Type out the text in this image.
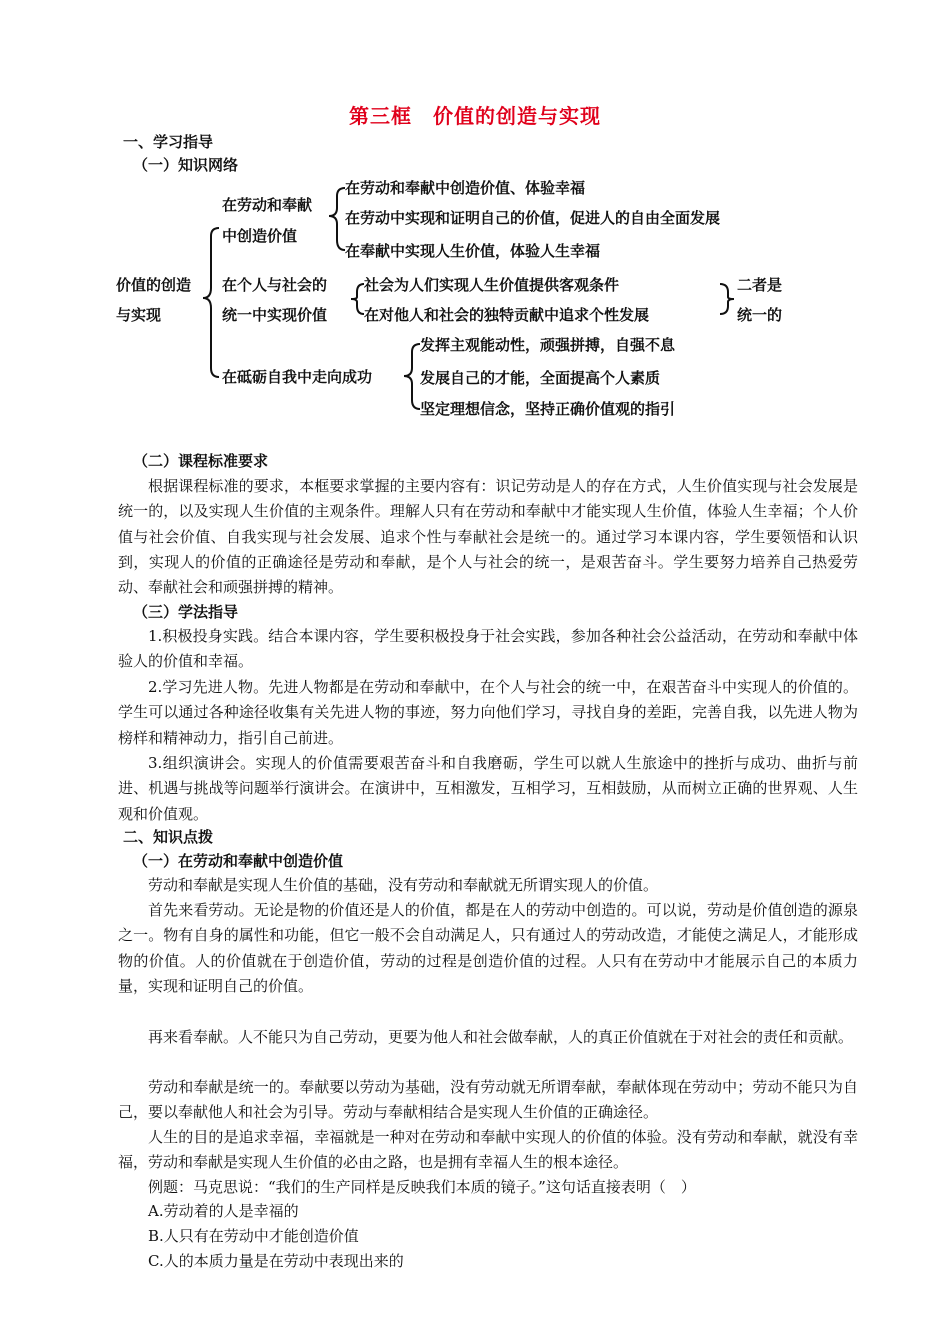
第三框　价值的创造与实现
一、学习指导
（一）知识网络
价值的创造
与实现
在劳动和奉献
中创造价值
在劳动和奉献中创造价值、体验幸福
在劳动中实现和证明自己的价值，促进人的自由全面发展
在奉献中实现人生价值，体验人生幸福
在个人与社会的
统一中实现价值
社会为人们实现人生价值提供客观条件
在对他人和社会的独特贡献中追求个性发展
二者是
统一的
在砥砺自我中走向成功
发挥主观能动性，顽强拼搏，自强不息
发展自己的才能，全面提高个人素质
坚定理想信念，坚持正确价值观的指引
（二）课程标准要求

根据课程标准的要求，本框要求掌握的主要内容有：识记劳动是人的存在方式，人生价值实现与社会发展是统一的，以及实现人生价值的主观条件。理解人只有在劳动和奉献中才能实现人生价值，体验人生幸福；个人价值与社会价值、自我实现与社会发展、追求个性与奉献社会是统一的。通过学习本课内容，学生要领悟和认识到，实现人的价值的正确途径是劳动和奉献，是个人与社会的统一，是艰苦奋斗。学生要努力培养自己热爱劳动、奉献社会和顽强拼搏的精神。

（三）学法指导

1.积极投身实践。结合本课内容，学生要积极投身于社会实践，参加各种社会公益活动，在劳动和奉献中体验人的价值和幸福。

2.学习先进人物。先进人物都是在劳动和奉献中，在个人与社会的统一中，在艰苦奋斗中实现人的价值的。学生可以通过各种途径收集有关先进人物的事迹，努力向他们学习，寻找自身的差距，完善自我，以先进人物为榜样和精神动力，指引自己前进。

3.组织演讲会。实现人的价值需要艰苦奋斗和自我磨砺，学生可以就人生旅途中的挫折与成功、曲折与前进、机遇与挑战等问题举行演讲会。在演讲中，互相激发，互相学习，互相鼓励，从而树立正确的世界观、人生观和价值观。

二、知识点拨
（一）在劳动和奉献中创造价值

劳动和奉献是实现人生价值的基础，没有劳动和奉献就无所谓实现人的价值。

首先来看劳动。无论是物的价值还是人的价值，都是在人的劳动中创造的。可以说，劳动是价值创造的源泉之一。物有自身的属性和功能，但它一般不会自动满足人，只有通过人的劳动改造，才能使之满足人，才能形成物的价值。人的价值就在于创造价值，劳动的过程是创造价值的过程。人只有在劳动中才能展示自己的本质力量，实现和证明自己的价值。

再来看奉献。人不能只为自己劳动，更要为他人和社会做奉献，人的真正价值就在于对社会的责任和贡献。

劳动和奉献是统一的。奉献要以劳动为基础，没有劳动就无所谓奉献，奉献体现在劳动中；劳动不能只为自己，要以奉献他人和社会为引导。劳动与奉献相结合是实现人生价值的正确途径。

人生的目的是追求幸福，幸福就是一种对在劳动和奉献中实现人的价值的体验。没有劳动和奉献，就没有幸福，劳动和奉献是实现人生价值的必由之路，也是拥有幸福人生的根本途径。

例题：马克思说：“我们的生产同样是反映我们本质的镜子。”这句话直接表明（　）

A.劳动着的人是幸福的
B.人只有在劳动中才能创造价值
C.人的本质力量是在劳动中表现出来的
